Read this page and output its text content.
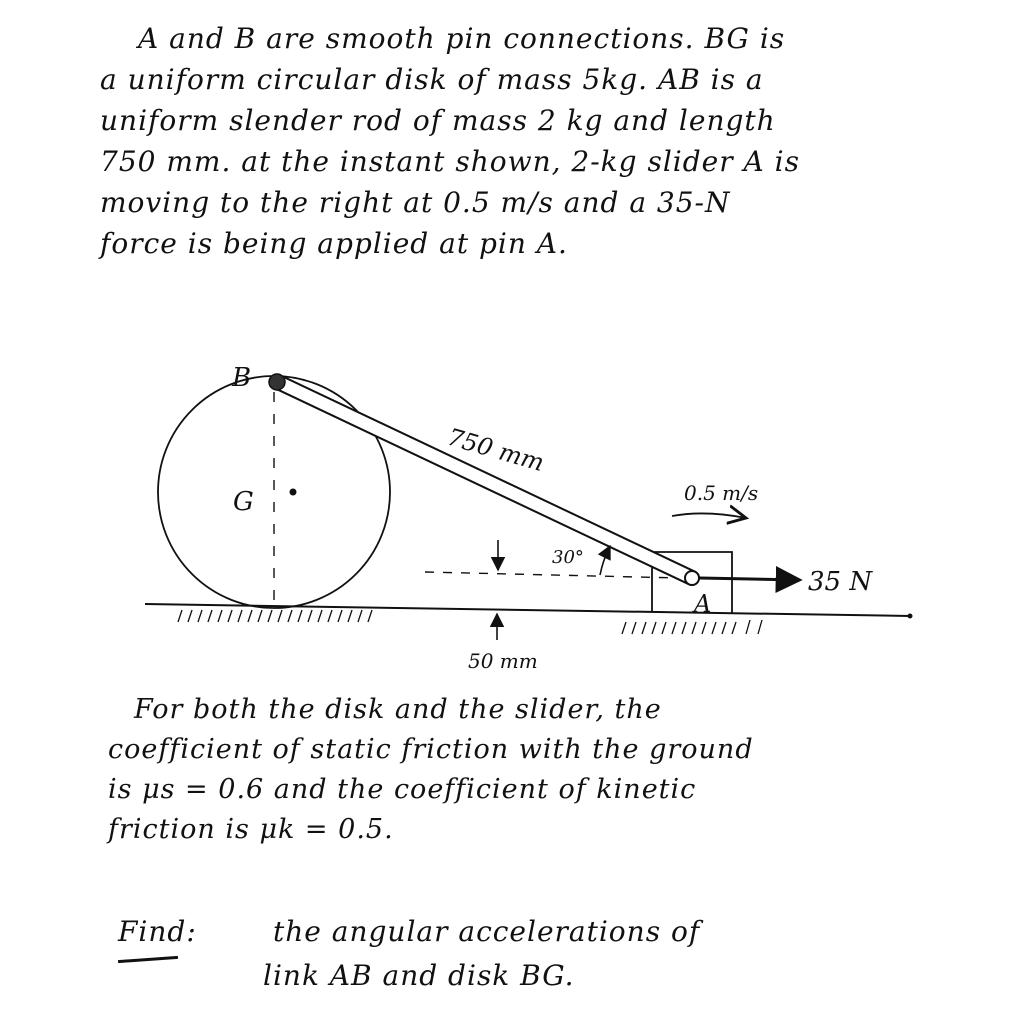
A and B are smooth pin connections. BG is
a uniform circular disk of mass 5kg. AB is a
uniform slender rod of mass 2 kg and length
750 mm. at the instant shown, 2-kg slider A is
moving to the right at 0.5 m/s and a 35-N
force is being applied at pin A.
G
B
A
750 mm
30°
50 mm
0.5 m/s
35 N
For both the disk and the slider, the
coefficient of static friction with the ground
is μs = 0.6 and the coefficient of kinetic
friction is μk = 0.5.
Find:	the angular accelerations of
link AB and disk BG.
